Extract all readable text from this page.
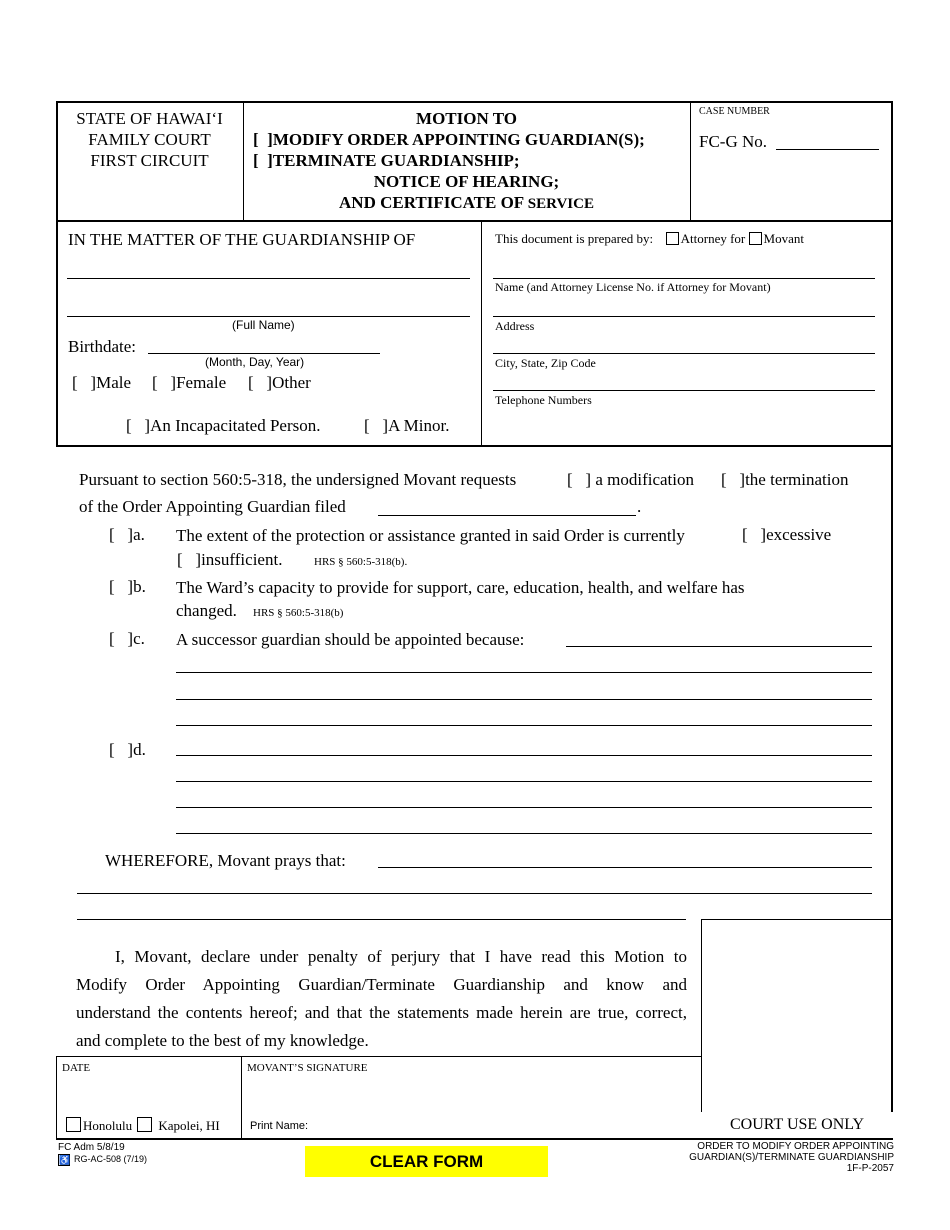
STATE OF HAWAI‘I
FAMILY COURT
FIRST CIRCUIT
MOTION TO
[  ]MODIFY ORDER APPOINTING GUARDIAN(S);
[  ]TERMINATE GUARDIANSHIP;
NOTICE OF HEARING;
AND CERTIFICATE OF SERVICE
CASE NUMBER
FC-G No.
IN THE MATTER OF THE GUARDIANSHIP OF
(Full Name)
Birthdate:
(Month, Day, Year)
[   ]Male [   ]Female [   ]Other
[   ]An Incapacitated Person.	[   ]A Minor.
This document is prepared by: Attorney for Movant
Name (and Attorney License No. if Attorney for Movant)
Address
City, State, Zip Code
Telephone Numbers
Pursuant to section 560:5-318, the undersigned Movant requests	[   ] a modification [   ]the termination
of the Order Appointing Guardian filed	.
[   ]a. The extent of the protection or assistance granted in said Order is currently	[   ]excessive
[   ]insufficient.	HRS § 560:5-318(b).
[   ]b. The Ward’s capacity to provide for support, care, education, health, and welfare has
changed. HRS § 560:5-318(b)
[   ]c. A successor guardian should be appointed because:
[   ]d.
WHEREFORE, Movant prays that:
I, Movant, declare under penalty of perjury that I have read this Motion to
Modify Order Appointing Guardian/Terminate Guardianship and know and
understand the contents hereof; and that the statements made herein are true, correct,
and complete to the best of my knowledge.
COURT USE ONLY
DATE	MOVANT’S SIGNATURE
Honolulu Kapolei, HI	Print Name:
FC Adm 5/8/19
♿ RG-AC-508 (7/19)	CLEAR FORM
ORDER TO MODIFY ORDER APPOINTING
GUARDIAN(S)/TERMINATE GUARDIANSHIP
1F-P-2057
